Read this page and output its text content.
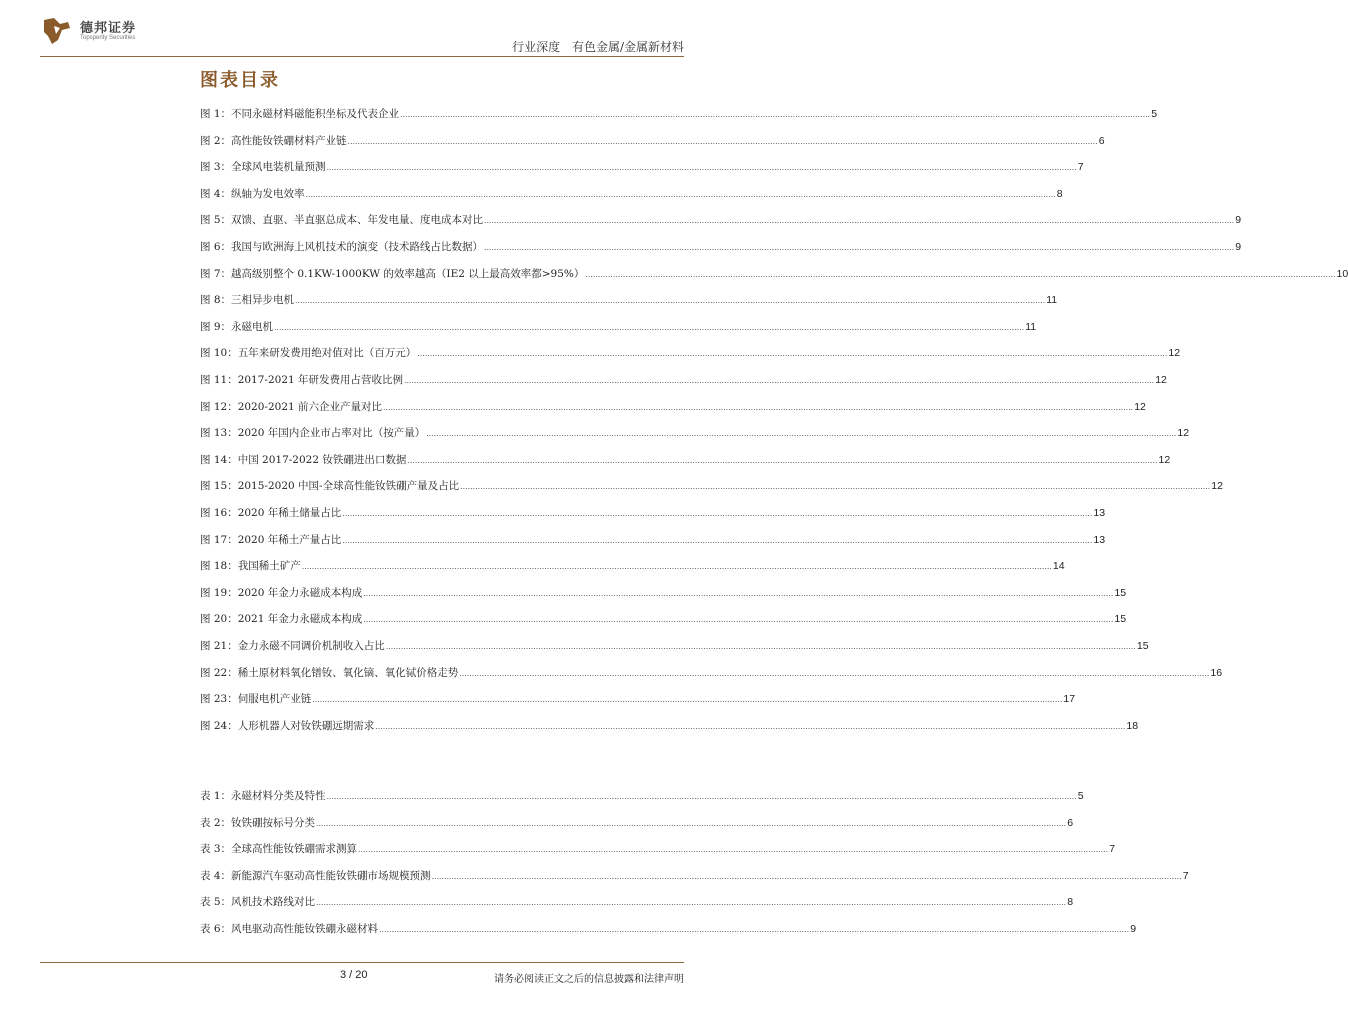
德邦证券
Topsperity Securities
行业深度 有色金属/金属新材料
图表目录
图 1：不同永磁材料磁能积坐标及代表企业 ............................................................................................................................................................................................................................................................................................................ 5
图 2：高性能钕铁硼材料产业链 ............................................................................................................................................................................................................................................................................................................ 6
图 3：全球风电装机量预测 ............................................................................................................................................................................................................................................................................................................ 7
图 4：纵轴为发电效率 ............................................................................................................................................................................................................................................................................................................ 8
图 5：双馈、直驱、半直驱总成本、年发电量、度电成本对比 ............................................................................................................................................................................................................................................................................................................ 9
图 6：我国与欧洲海上风机技术的演变（技术路线占比数据） ............................................................................................................................................................................................................................................................................................................ 9
图 7：越高级别整个 0.1KW-1000KW 的效率越高（IE2 以上最高效率都>95%） ............................................................................................................................................................................................................................................................................................................ 10
图 8：三相异步电机 ............................................................................................................................................................................................................................................................................................................ 11
图 9：永磁电机 ............................................................................................................................................................................................................................................................................................................ 11
图 10：五年来研发费用绝对值对比（百万元） ............................................................................................................................................................................................................................................................................................................ 12
图 11：2017-2021 年研发费用占营收比例 ............................................................................................................................................................................................................................................................................................................ 12
图 12：2020-2021 前六企业产量对比 ............................................................................................................................................................................................................................................................................................................ 12
图 13：2020 年国内企业市占率对比（按产量） ............................................................................................................................................................................................................................................................................................................ 12
图 14：中国 2017-2022 钕铁硼进出口数据 ............................................................................................................................................................................................................................................................................................................ 12
图 15：2015-2020 中国-全球高性能钕铁硼产量及占比 ............................................................................................................................................................................................................................................................................................................ 12
图 16：2020 年稀土储量占比 ............................................................................................................................................................................................................................................................................................................ 13
图 17：2020 年稀土产量占比 ............................................................................................................................................................................................................................................................................................................ 13
图 18：我国稀土矿产 ............................................................................................................................................................................................................................................................................................................ 14
图 19：2020 年金力永磁成本构成 ............................................................................................................................................................................................................................................................................................................ 15
图 20：2021 年金力永磁成本构成 ............................................................................................................................................................................................................................................................................................................ 15
图 21：金力永磁不同调价机制收入占比 ............................................................................................................................................................................................................................................................................................................ 15
图 22：稀土原材料氧化镨钕、氧化镝、氧化铽价格走势 ............................................................................................................................................................................................................................................................................................................ 16
图 23：伺服电机产业链 ............................................................................................................................................................................................................................................................................................................ 17
图 24：人形机器人对钕铁硼远期需求 ............................................................................................................................................................................................................................................................................................................ 18
表 1：永磁材料分类及特性 ............................................................................................................................................................................................................................................................................................................ 5
表 2：钕铁硼按标号分类 ............................................................................................................................................................................................................................................................................................................ 6
表 3：全球高性能钕铁硼需求测算 ............................................................................................................................................................................................................................................................................................................ 7
表 4：新能源汽车驱动高性能钕铁硼市场规模预测 ............................................................................................................................................................................................................................................................................................................ 7
表 5：风机技术路线对比 ............................................................................................................................................................................................................................................................................................................ 8
表 6：风电驱动高性能钕铁硼永磁材料 ............................................................................................................................................................................................................................................................................................................ 9
3 / 20	请务必阅读正文之后的信息披露和法律声明
